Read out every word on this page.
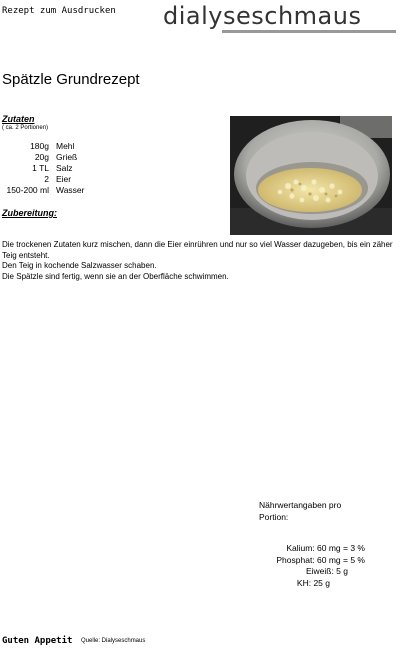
Rezept zum Ausdrucken dialyseschmaus
Spätzle Grundrezept
Zutaten
( ca. 2 Portionen)
180g	Mehl
20g	Grieß
1 TL	Salz
2	Eier
150-200 ml	Wasser
Zubereitung:
Die trockenen Zutaten kurz mischen, dann die Eier einrühren und nur so viel Wasser dazugeben, bis ein zäher Teig entsteht.
Den Teig in kochende Salzwasser schaben.
Die Spätzle sind fertig, wenn sie an der Oberfläche schwimmen.
Nährwertangaben pro Portion:
Kalium: 60 mg = 3 %
Phosphat: 60 mg = 5 %
Eiweiß: 5 g
KH: 25 g
Guten Appetit Quelle: Dialyseschmaus
